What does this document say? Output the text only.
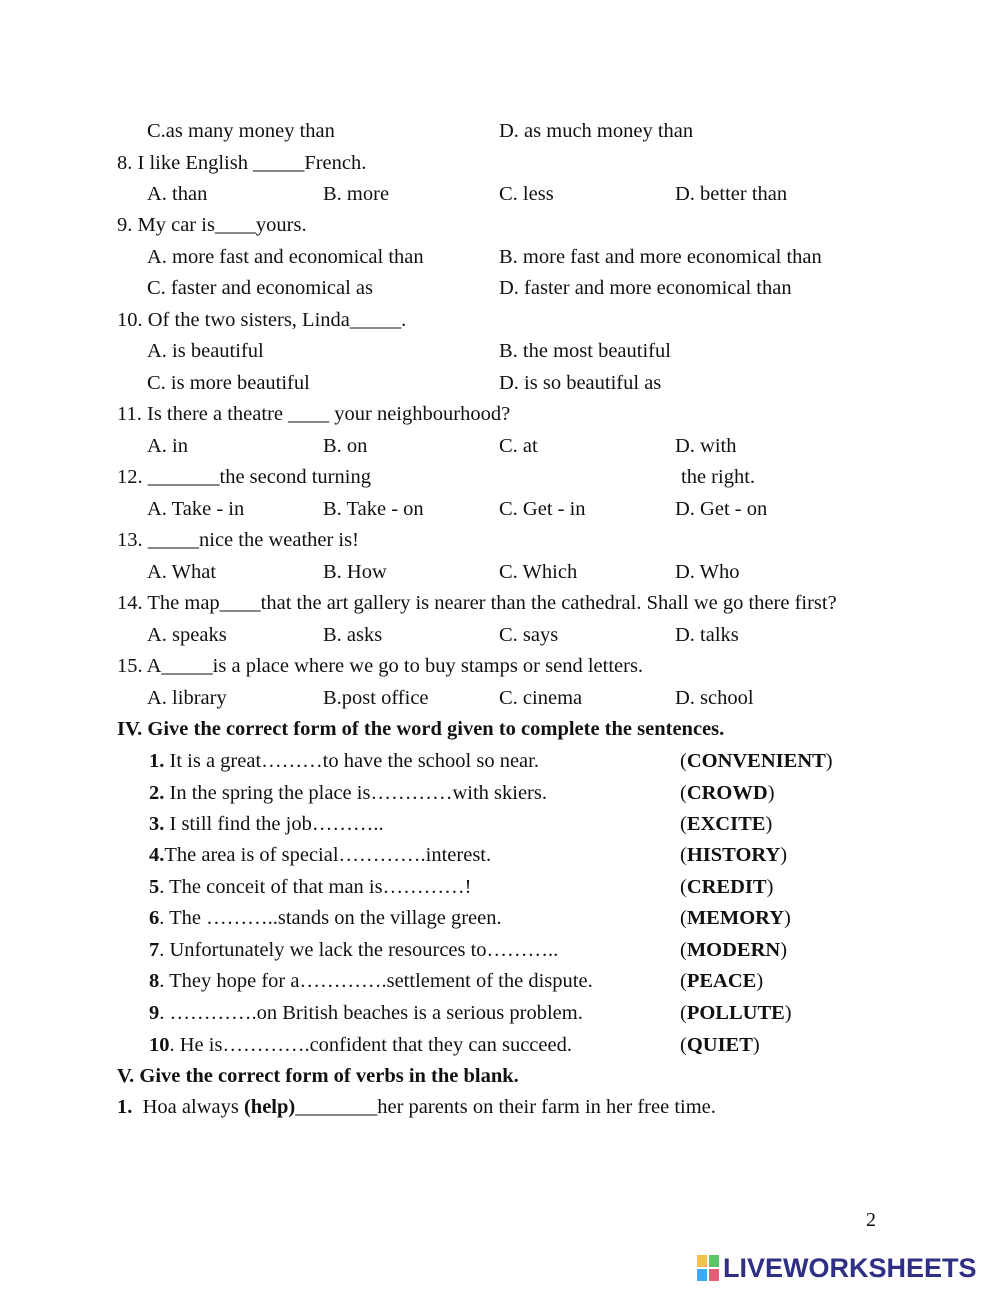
C.as many money than	D. as much money than
8. I like English _____French.
A. than	B. more	C. less	D. better than
9. My car is____yours.
A. more fast and economical than	B. more fast and more economical than
C. faster and economical as	D. faster and more economical than
10. Of the two sisters, Linda_____.
A. is beautiful	B. the most beautiful
C. is more beautiful	D. is so beautiful as
11. Is there a theatre ____ your neighbourhood?
A. in	B. on	C. at	D. with
12. _______the second turning	the right.
A. Take - in	B. Take - on	C. Get - in	D. Get - on
13. _____nice the weather is!
A. What	B. How	C. Which	D. Who
14. The map____that the art gallery is nearer than the cathedral. Shall we go there first?
A. speaks	B. asks	C. says	D. talks
15. A_____is a place where we go to buy stamps or send letters.
A. library	B.post office	C. cinema	D. school
IV. Give the correct form of the word given to complete the sentences.
1. It is a great………to have the school so near.	(CONVENIENT)
2. In the spring the place is…………with skiers.	(CROWD)
3. I still find the job………..	(EXCITE)
4.The area is of special………….interest.	(HISTORY)
5. The conceit of that man is…………!	(CREDIT)
6. The ………..stands on the village green.	(MEMORY)
7. Unfortunately we lack the resources to………..	(MODERN)
8. They hope for a………….settlement of the dispute.	(PEACE)
9. ………….on British beaches is a serious problem.	(POLLUTE)
10. He is………….confident that they can succeed.	(QUIET)
V. Give the correct form of verbs in the blank.
1.  Hoa always (help)________her parents on their farm in her free time.
2
LIVEWORKSHEETS
